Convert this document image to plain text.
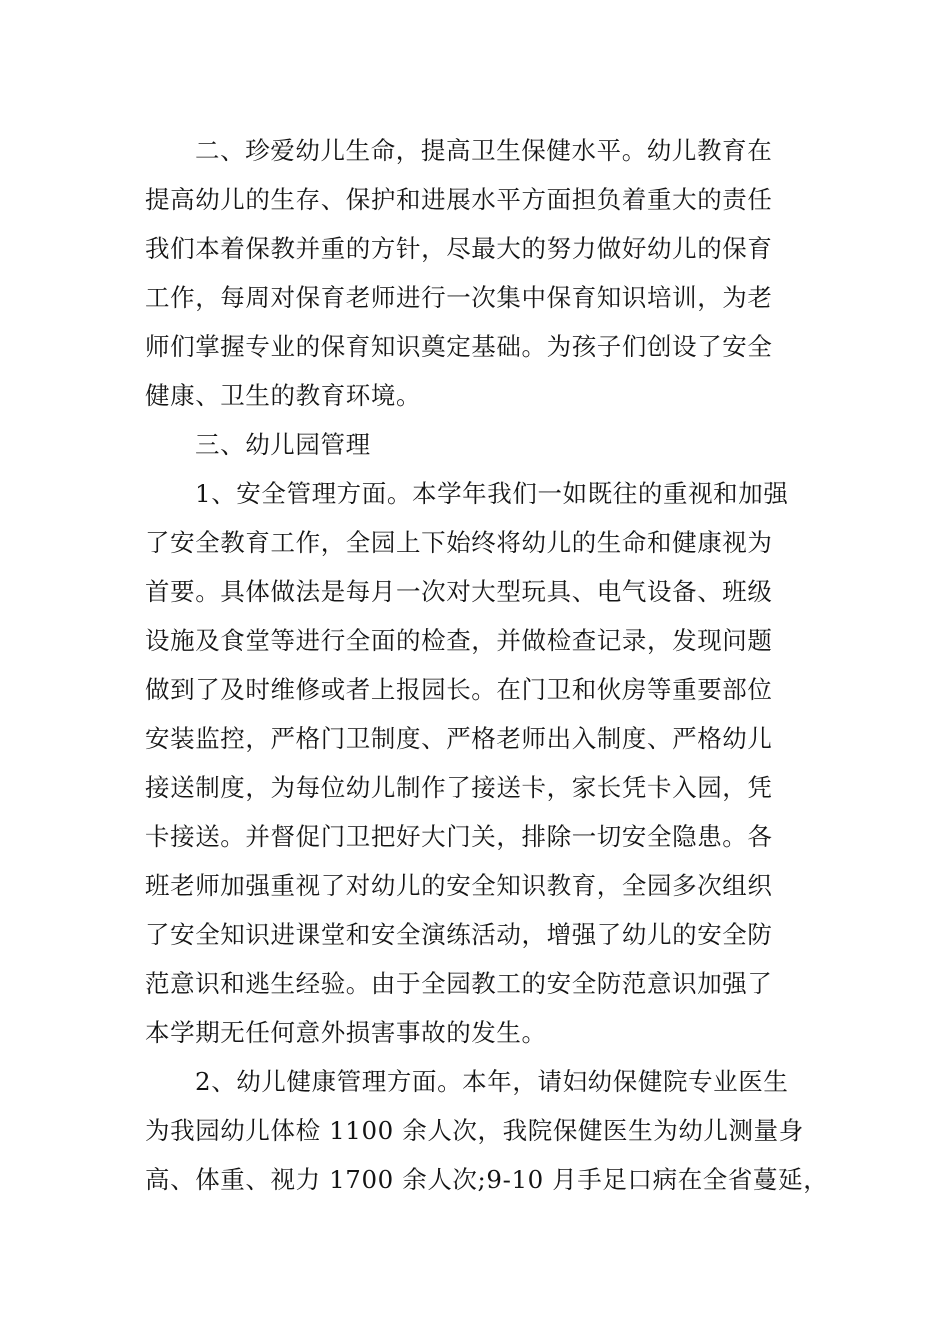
二、珍爱幼儿生命，提高卫生保健水平。幼儿教育在
提高幼儿的生存、保护和进展水平方面担负着重大的责任
我们本着保教并重的方针，尽最大的努力做好幼儿的保育
工作，每周对保育老师进行一次集中保育知识培训，为老
师们掌握专业的保育知识奠定基础。为孩子们创设了安全
健康、卫生的教育环境。
三、幼儿园管理
1、安全管理方面。本学年我们一如既往的重视和加强
了安全教育工作，全园上下始终将幼儿的生命和健康视为
首要。具体做法是每月一次对大型玩具、电气设备、班级
设施及食堂等进行全面的检查，并做检查记录，发现问题
做到了及时维修或者上报园长。在门卫和伙房等重要部位
安装监控，严格门卫制度、严格老师出入制度、严格幼儿
接送制度，为每位幼儿制作了接送卡，家长凭卡入园，凭
卡接送。并督促门卫把好大门关，排除一切安全隐患。各
班老师加强重视了对幼儿的安全知识教育，全园多次组织
了安全知识进课堂和安全演练活动，增强了幼儿的安全防
范意识和逃生经验。由于全园教工的安全防范意识加强了
本学期无任何意外损害事故的发生。
2、幼儿健康管理方面。本年，请妇幼保健院专业医生
为我园幼儿体检 1100 余人次，我院保健医生为幼儿测量身
高、体重、视力 1700 余人次;9-10 月手足口病在全省蔓延，
